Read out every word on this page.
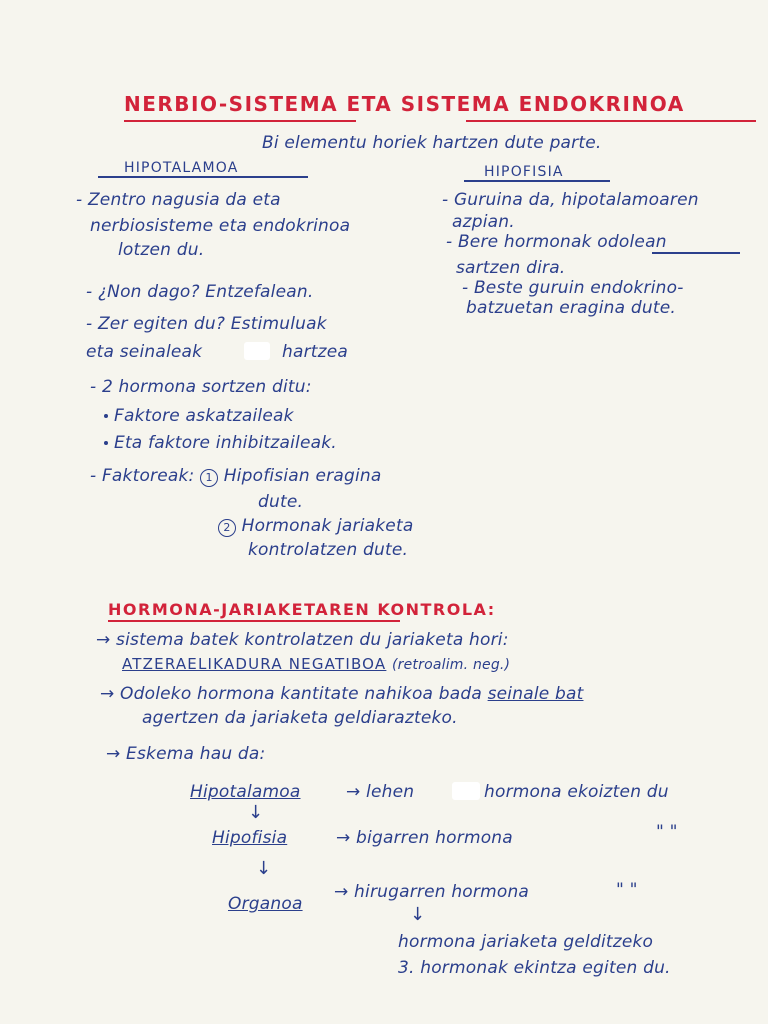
NERBIO-SISTEMA ETA SISTEMA ENDOKRINOA
Bi elementu horiek hartzen dute parte.
HIPOTALAMOA
- Zentro nagusia da eta
nerbiosisteme eta endokrinoa
lotzen du.
- ¿Non dago? Entzefalean.
- Zer egiten du? Estimuluak
eta seinaleak	hartzea
- 2 hormona sortzen ditu:
Faktore askatzaileak
Eta faktore inhibitzaileak.
- Faktoreak: 1 Hipofisian eragina
dute.
2 Hormonak jariaketa
kontrolatzen dute.
HIPOFISIA
- Guruina da, hipotalamoaren
azpian.
- Bere hormonak odolean
sartzen dira.
- Beste guruin endokrino-
batzuetan eragina dute.
HORMONA-JARIAKETAREN KONTROLA:
→ sistema batek kontrolatzen du jariaketa hori:
ATZERAELIKADURA NEGATIBOA (retroalim. neg.)
→ Odoleko hormona kantitate nahikoa bada seinale bat
agertzen da jariaketa geldiarazteko.
→ Eskema hau da:
Hipotalamoa	→ lehen	hormona ekoizten du
↓
Hipofisia	→ bigarren hormona	" "
↓
Organoa
→ hirugarren hormona	" "
↓
hormona jariaketa gelditzeko
3. hormonak ekintza egiten du.
